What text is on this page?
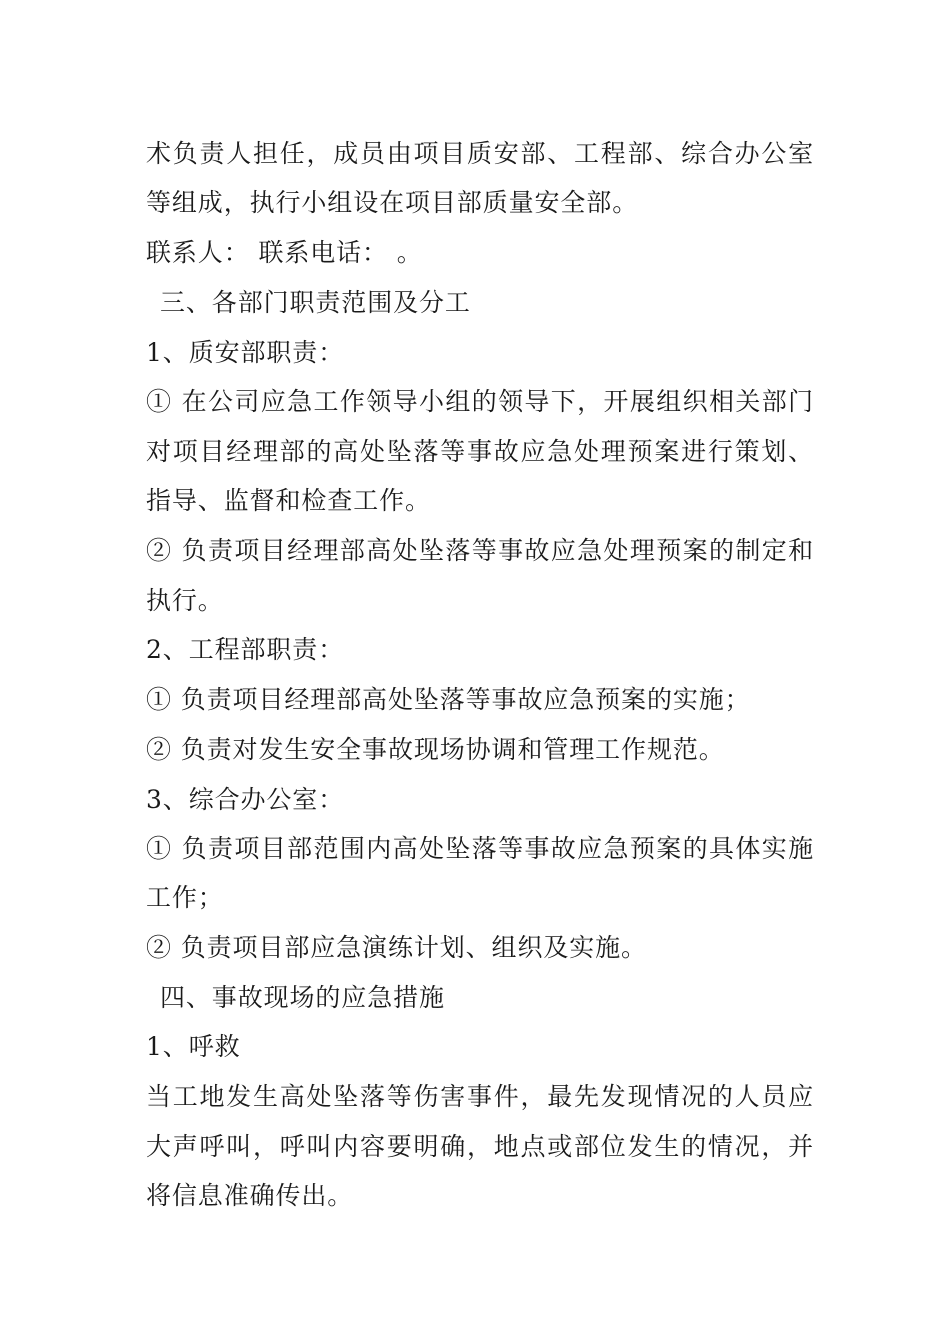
术负责人担任，成员由项目质安部、工程部、综合办公室
等组成，执行小组设在项目部质量安全部。
联系人： 联系电话： 。
三、各部门职责范围及分工
1、质安部职责：
① 在公司应急工作领导小组的领导下，开展组织相关部门
对项目经理部的高处坠落等事故应急处理预案进行策划、
指导、监督和检查工作。
② 负责项目经理部高处坠落等事故应急处理预案的制定和
执行。
2、工程部职责：
① 负责项目经理部高处坠落等事故应急预案的实施；
② 负责对发生安全事故现场协调和管理工作规范。
3、综合办公室：
① 负责项目部范围内高处坠落等事故应急预案的具体实施
工作；
② 负责项目部应急演练计划、组织及实施。
四、事故现场的应急措施
1、呼救
当工地发生高处坠落等伤害事件，最先发现情况的人员应
大声呼叫，呼叫内容要明确，地点或部位发生的情况，并
将信息准确传出。
